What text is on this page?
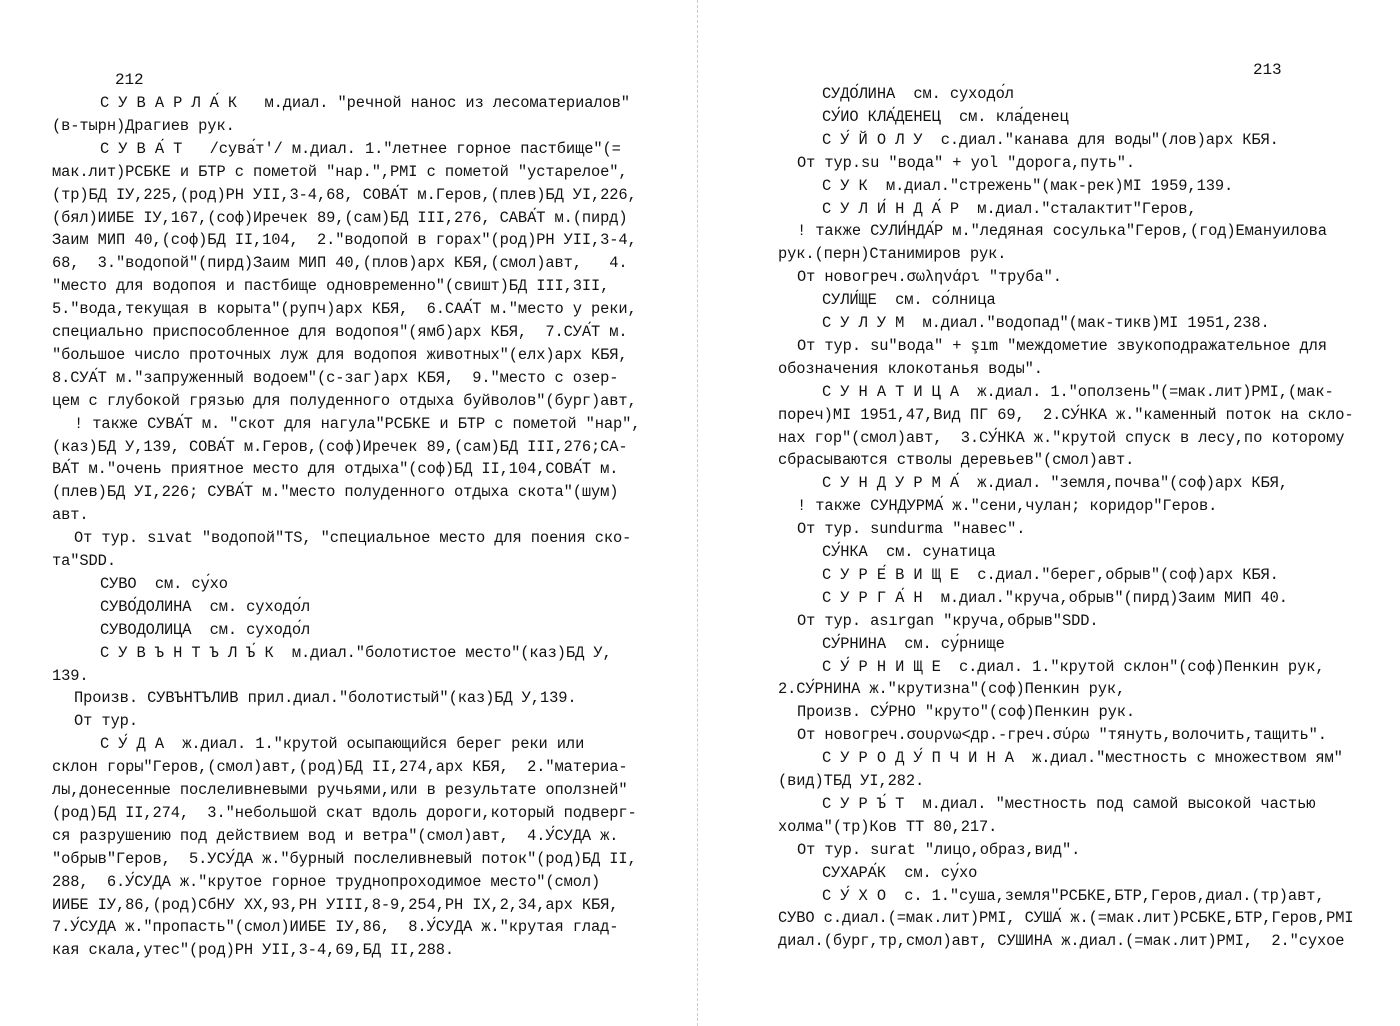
212
С У В А Р Л А́ К   м.диал. "речной нанос из лесоматериалов"
(в-тырн)Драгиев рук.
С У В А́ Т   /сува́т'/ м.диал. 1."летнее горное пастбище"(=
мак.лит)РСБКЕ и БТР с пометой "нар.",РМI с пометой "устарелое",
(тр)БД IУ,225,(род)РН УII,3-4,68, СОВА́Т м.Геров,(плев)БД УI,226,
(бял)ИИБЕ IУ,167,(соф)Иречек 89,(сам)БД III,276, САВА́Т м.(пирд)
Заим МИП 40,(соф)БД II,104,  2."водопой в горах"(род)РН УII,3-4,
68,  3."водопой"(пирд)Заим МИП 40,(плов)арх КБЯ,(смол)авт,   4.
"место для водопоя и пастбище одновременно"(свишт)БД III,3II,
5."вода,текущая в корыта"(рупч)арх КБЯ,  6.САА́Т м."место у реки,
специально приспособленное для водопоя"(ямб)арх КБЯ,  7.СУА́Т м.
"большое число проточных луж для водопоя животных"(елх)арх КБЯ,
8.СУА́Т м."запруженный водоем"(с-заг)арх КБЯ,  9."место с озер-
цем с глубокой грязью для полуденного отдыха буйволов"(бург)авт,
! также СУВА́Т м. "скот для нагула"РСБКЕ и БТР с пометой "нар",
(каз)БД У,139, СОВА́Т м.Геров,(соф)Иречек 89,(сам)БД III,276;СА-
ВА́Т м."очень приятное место для отдыха"(соф)БД II,104,СОВА́Т м.
(плев)БД УI,226; СУВА́Т м."место полуденного отдыха скота"(шум)
авт.
От тур. sıvat "водопой"TS, "специальное место для поения ско-
та"SDD.
СУВО  см. су́хо
СУВО́ДОЛИНА  см. суходо́л
СУВОДОЛИЦА  см. суходо́л
С У В Ъ Н Т Ъ Л Ъ́ К  м.диал."болотистое место"(каз)БД У,
139.
Произв. СУВЪНТЪЛИВ прил.диал."болотистый"(каз)БД У,139.
От тур.
С У́ Д А  ж.диал. 1."крутой осыпающийся берег реки или
склон горы"Геров,(смол)авт,(род)БД II,274,арх КБЯ,  2."материа-
лы,донесенные послеливневыми ручьями,или в результате оползней"
(род)БД II,274,  3."небольшой скат вдоль дороги,который подверг-
ся разрушению под действием вод и ветра"(смол)авт,  4.У́СУДА ж.
"обрыв"Геров,  5.УСУ́ДА ж."бурный послеливневый поток"(род)БД II,
288,  6.У́СУДА ж."крутое горное труднопроходимое место"(смол)
ИИБЕ IУ,86,(род)СбНУ XX,93,РН УIII,8-9,254,РН IX,2,34,арх КБЯ,
7.У́СУДА ж."пропасть"(смол)ИИБЕ IУ,86,  8.У́СУДА ж."крутая глад-
кая скала,утес"(род)РН УII,3-4,69,БД II,288.
213
СУДО́ЛИНА  см. суходо́л
СУ́ИО КЛА́ДЕНЕЦ  см. кла́денец
С У́ Й О Л У  с.диал."канава для воды"(лов)арх КБЯ.
От тур.su "вода" + yol "дорога,путь".
С У К  м.диал."стрежень"(мак-рек)МI 1959,139.
С У Л И́ Н Д А́ Р  м.диал."сталактит"Геров,
! также СУЛИ́НДА́Р м."ледяная сосулька"Геров,(год)Емануилова
рук.(перн)Станимиров рук.
От новогреч.σωληνάρι "труба".
СУЛИ́ЩЕ  см. со́лница
С У Л У М  м.диал."водопад"(мак-тикв)МI 1951,238.
От тур. su"вода" + şım "междометие звукоподражательное для
обозначения клокотанья воды".
С У Н А Т И Ц А  ж.диал. 1."оползень"(=мак.лит)РМI,(мак-
пореч)МI 1951,47,Вид ПГ 69,  2.СУ́НКА ж."каменный поток на скло-
нах гор"(смол)авт,  3.СУ́НКА ж."крутой спуск в лесу,по которому
сбрасываются стволы деревьев"(смол)авт.
С У Н Д У Р М А́  ж.диал. "земля,почва"(соф)арх КБЯ,
! также СУНДУРМА́ ж."сени,чулан; коридор"Геров.
От тур. sundurma "навес".
СУ́НКА  см. сунатица
С У Р Е́ В И Щ Е  с.диал."берег,обрыв"(соф)арх КБЯ.
С У Р Г А́ Н  м.диал."круча,обрыв"(пирд)Заим МИП 40.
От тур. asırgan "круча,обрыв"SDD.
СУ́РНИНА  см. су́рнище
С У́ Р Н И Щ Е  с.диал. 1."крутой склон"(соф)Пенкин рук,
2.СУ́РНИНА ж."крутизна"(соф)Пенкин рук,
Произв. СУ́РНО "круто"(соф)Пенкин рук.
От новогреч.σουρνω<др.-греч.σύρω "тянуть,волочить,тащить".
С У Р О Д У́ П Ч И Н А  ж.диал."местность с множеством ям"
(вид)ТБД УI,282.
С У Р Ъ́ Т  м.диал. "местность под самой высокой частью
холма"(тр)Ков ТТ 80,217.
От тур. surat "лицо,образ,вид".
СУХАРА́К  см. су́хо
С У́ Х О  с. 1."суша,земля"РСБКЕ,БТР,Геров,диал.(тр)авт,
СУВО с.диал.(=мак.лит)РМI, СУША́ ж.(=мак.лит)РСБКЕ,БТР,Геров,РМI
диал.(бург,тр,смол)авт, СУШИНА ж.диал.(=мак.лит)РМI,  2."сухое
